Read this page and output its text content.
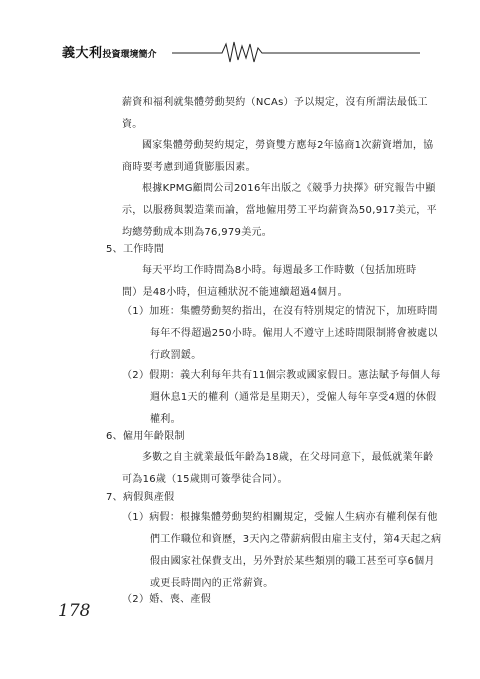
義大利投資環境簡介
薪資和福利就集體勞動契約（NCAs）予以規定，沒有所謂法最低工
資。
國家集體勞動契約規定，勞資雙方應每2年協商1次薪資增加，協
商時要考慮到通貨膨脹因素。
根據KPMG顧問公司2016年出版之《競爭力抉擇》研究報告中顯
示，以服務與製造業而論，當地僱用勞工平均薪資為50,917美元，平
均總勞動成本則為76,979美元。
5、工作時間
每天平均工作時間為8小時。每週最多工作時數（包括加班時
間）是48小時，但這種狀況不能連續超過4個月。
（1）加班：集體勞動契約指出，在沒有特別規定的情況下，加班時間
每年不得超過250小時。僱用人不遵守上述時間限制將會被處以
行政罰鍰。
（2）假期：義大利每年共有11個宗教或國家假日。憲法賦予每個人每
週休息1天的權利（通常是星期天），受僱人每年享受4週的休假
權利。
6、僱用年齡限制
多數之自主就業最低年齡為18歲，在父母同意下，最低就業年齡
可為16歲（15歲則可簽學徒合同）。
7、病假與產假
（1）病假：根據集體勞動契約相關規定，受僱人生病亦有權利保有他
們工作職位和資歷，3天內之帶薪病假由雇主支付，第4天起之病
假由國家社保費支出，另外對於某些類別的職工甚至可享6個月
或更長時間內的正常薪資。
（2）婚、喪、產假
178
